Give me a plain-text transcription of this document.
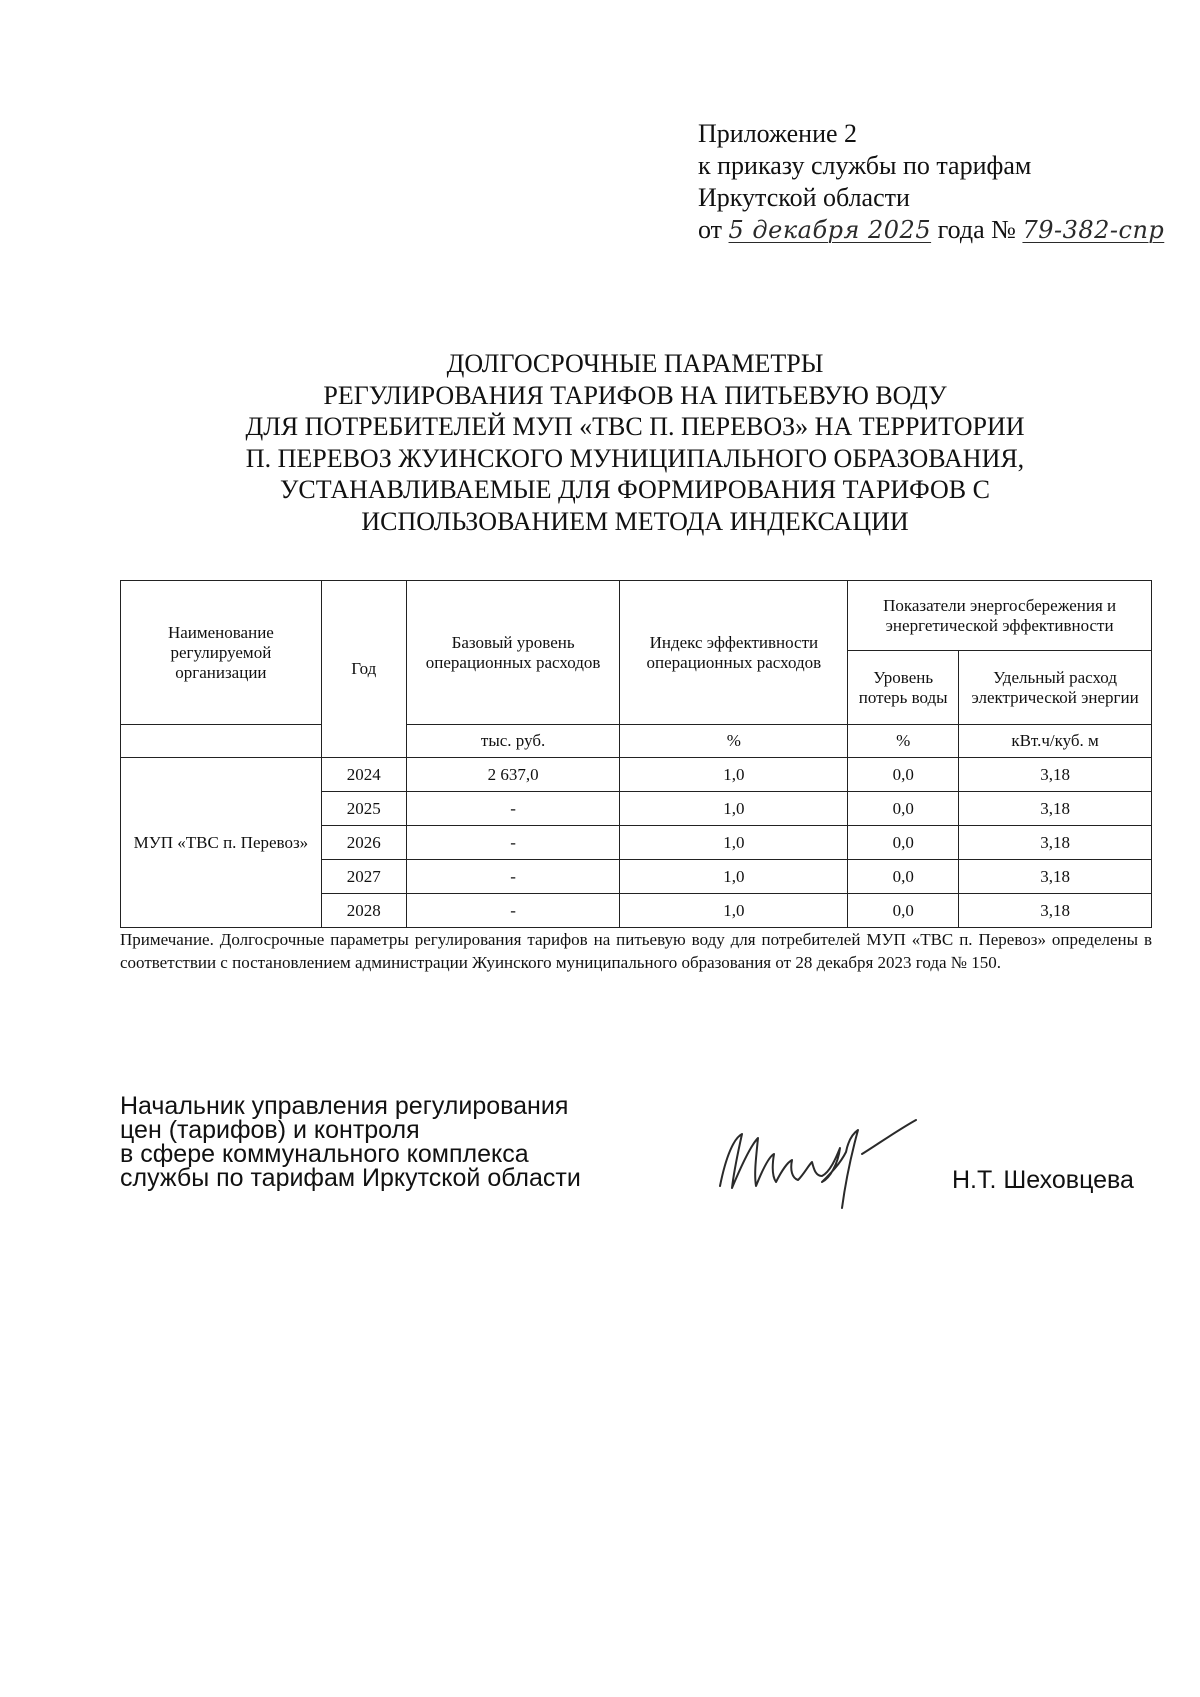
Приложение 2
к приказу службы по тарифам
Иркутской области
от 5 декабря 2025 года № 79-382-спр
ДОЛГОСРОЧНЫЕ ПАРАМЕТРЫ
РЕГУЛИРОВАНИЯ ТАРИФОВ НА ПИТЬЕВУЮ ВОДУ
ДЛЯ ПОТРЕБИТЕЛЕЙ МУП «ТВС П. ПЕРЕВОЗ» НА ТЕРРИТОРИИ
П. ПЕРЕВОЗ ЖУИНСКОГО МУНИЦИПАЛЬНОГО ОБРАЗОВАНИЯ,
УСТАНАВЛИВАЕМЫЕ ДЛЯ ФОРМИРОВАНИЯ ТАРИФОВ С
ИСПОЛЬЗОВАНИЕМ МЕТОДА ИНДЕКСАЦИИ
Наименование регулируемой организации	Год	Базовый уровень операционных расходов	Индекс эффективности операционных расходов	Показатели энергосбережения и энергетической эффективности	
				Уровень потерь воды	Удельный расход электрической энергии
		тыс. руб.	%	%	кВт.ч/куб. м
МУП «ТВС п. Перевоз»	2024	2 637,0	1,0	0,0	3,18
	2025	-	1,0	0,0	3,18
	2026	-	1,0	0,0	3,18
	2027	-	1,0	0,0	3,18
	2028	-	1,0	0,0	3,18
Примечание. Долгосрочные параметры регулирования тарифов на питьевую воду для потребителей МУП «ТВС п. Перевоз» определены в соответствии с постановлением администрации Жуинского муниципального образования от 28 декабря 2023 года № 150.
Начальник управления регулирования
цен (тарифов) и контроля
в сфере коммунального комплекса
службы по тарифам Иркутской области	Н.Т. Шеховцева
